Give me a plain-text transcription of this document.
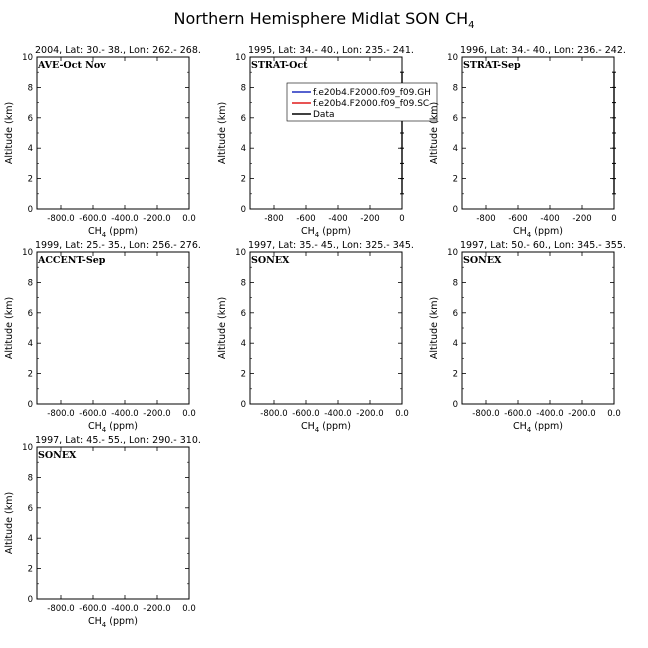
Northern Hemisphere Midlat SON $CH_4$
2004, Lat: 30.- 38., Lon: 262.- 268.
AVE-Oct Nov
0
2
4
6
8
10
-800.0 -600.0 -400.0 -200.0 0.0
$CH_4$ (ppm)
Altitude (km)
1995, Lat: 34.- 40., Lon: 235.- 241.
STRAT-Oct
0
2
4
6
8
10
-800 -600 -400 -200 0
$CH_4$ (ppm)
Altitude (km)
f.e20b4.F2000.f09_f09.GH
f.e20b4.F2000.f09_f09.SC
Data
1996, Lat: 34.- 40., Lon: 236.- 242.
STRAT-Sep
0
2
4
6
8
10
-800 -600 -400 -200 0
$CH_4$ (ppm)
Altitude (km)
1999, Lat: 25.- 35., Lon: 256.- 276.
ACCENT-Sep
0
2
4
6
8
10
-800.0 -600.0 -400.0 -200.0 0.0
$CH_4$ (ppm)
Altitude (km)
1997, Lat: 35.- 45., Lon: 325.- 345.
SONEX
0
2
4
6
8
10
-800.0 -600.0 -400.0 -200.0 0.0
$CH_4$ (ppm)
Altitude (km)
1997, Lat: 50.- 60., Lon: 345.- 355.
SONEX
0
2
4
6
8
10
-800.0 -600.0 -400.0 -200.0 0.0
$CH_4$ (ppm)
Altitude (km)
1997, Lat: 45.- 55., Lon: 290.- 310.
SONEX
0
2
4
6
8
10
-800.0 -600.0 -400.0 -200.0 0.0
$CH_4$ (ppm)
Altitude (km)
